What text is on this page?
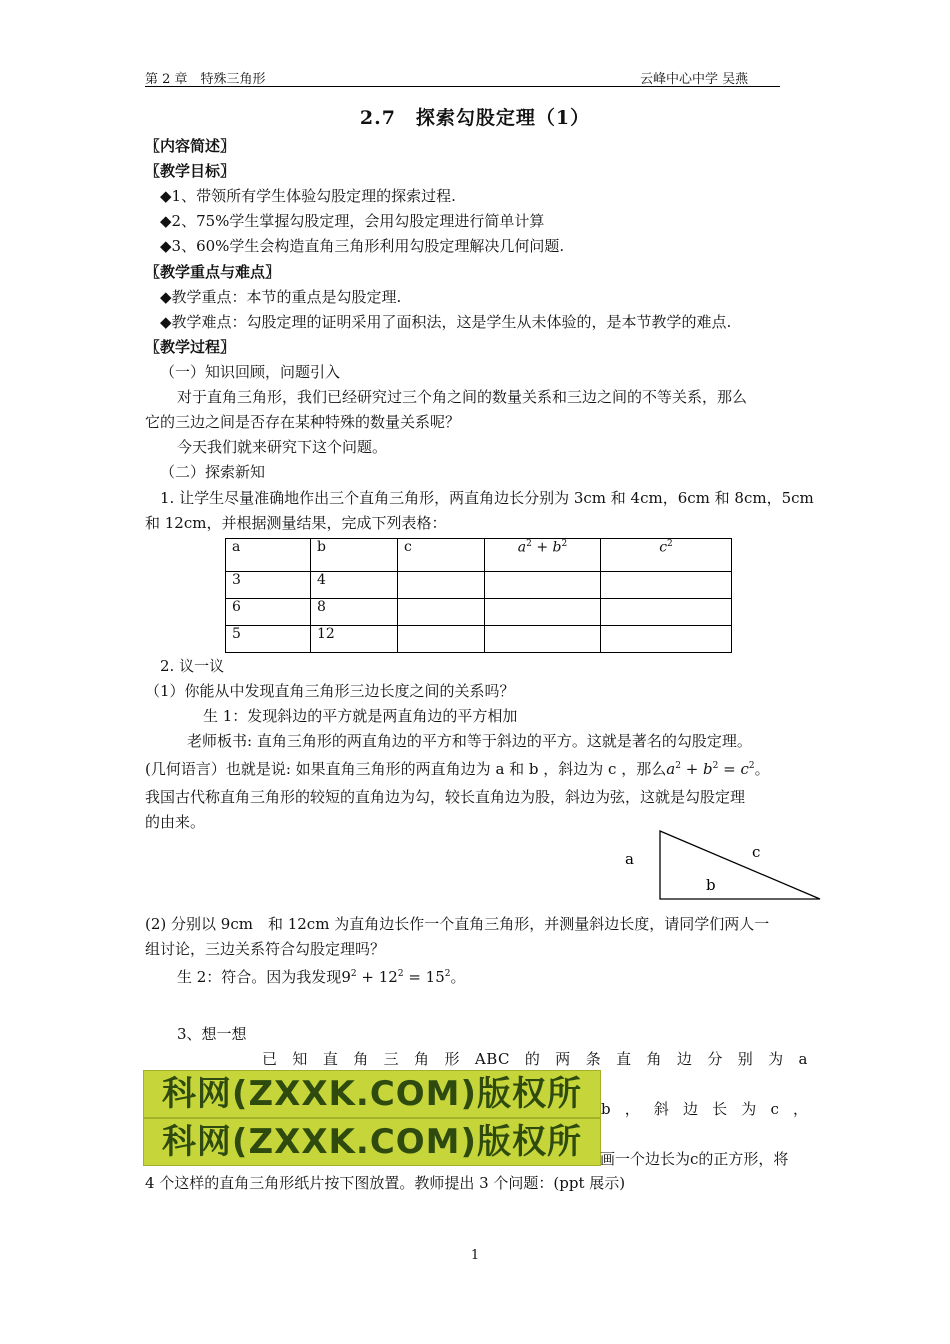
第 2 章　特殊三角形	云峰中心中学 吴燕
2.7　探索勾股定理（1）
〖内容简述〗
〖教学目标〗
◆1、带领所有学生体验勾股定理的探索过程.
◆2、75%学生掌握勾股定理，会用勾股定理进行简单计算
◆3、60%学生会构造直角三角形利用勾股定理解决几何问题.
〖教学重点与难点〗
◆教学重点：本节的重点是勾股定理.
◆教学难点：勾股定理的证明采用了面积法，这是学生从未体验的，是本节教学的难点.
〖教学过程〗
（一）知识回顾，问题引入
对于直角三角形，我们已经研究过三个角之间的数量关系和三边之间的不等关系，那么
它的三边之间是否存在某种特殊的数量关系呢？
今天我们就来研究下这个问题。
（二）探索新知
1. 让学生尽量准确地作出三个直角三角形，两直角边长分别为 3cm 和 4cm，6cm 和 8cm，5cm
和 12cm，并根据测量结果，完成下列表格：
a	b	c	$a^2 + b^2$	$c^2$
3	4			
6	8			
5	12			
2. 议一议
（1）你能从中发现直角三角形三边长度之间的关系吗？
生 1：发现斜边的平方就是两直角边的平方相加
老师板书: 直角三角形的两直角边的平方和等于斜边的平方。这就是著名的勾股定理。
(几何语言）也就是说: 如果直角三角形的两直角边为 a 和 b ，斜边为 c ，那么$a^2 + b^2 = c^2$。
我国古代称直角三角形的较短的直角边为勾，较长直角边为股，斜边为弦，这就是勾股定理
的由来。
a	c
b
(2) 分别以 9cm　和 12cm 为直角边长作一个直角三角形，并测量斜边长度，请同学们两人一
组讨论，三边关系符合勾股定理吗？
生 2：符合。因为我发现$9^2 + 12^2 = 15^2$。
3、想一想
已知直角三角形ABC的两条直角边分别为a
科网(ZXXK.COM)版权所	b，斜边长为c，
科网(ZXXK.COM)版权所	画一个边长为c的正方形，将
4 个这样的直角三角形纸片按下图放置。教师提出 3 个问题：(ppt 展示)
1
